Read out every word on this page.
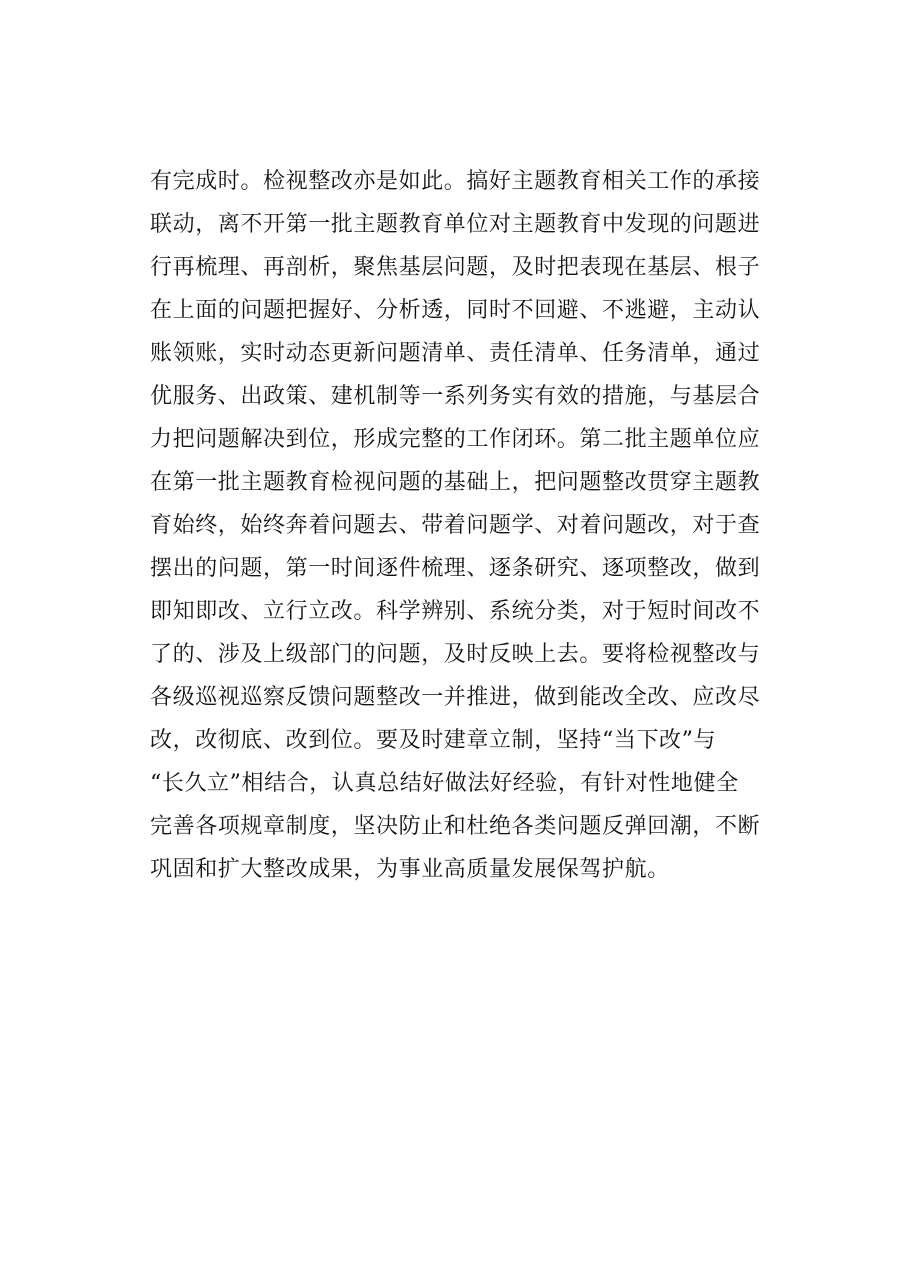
有完成时。检视整改亦是如此。搞好主题教育相关工作的承接
联动，离不开第一批主题教育单位对主题教育中发现的问题进
行再梳理、再剖析，聚焦基层问题，及时把表现在基层、根子
在上面的问题把握好、分析透，同时不回避、不逃避，主动认
账领账，实时动态更新问题清单、责任清单、任务清单，通过
优服务、出政策、建机制等一系列务实有效的措施，与基层合
力把问题解决到位，形成完整的工作闭环。第二批主题单位应
在第一批主题教育检视问题的基础上，把问题整改贯穿主题教
育始终，始终奔着问题去、带着问题学、对着问题改，对于查
摆出的问题，第一时间逐件梳理、逐条研究、逐项整改，做到
即知即改、立行立改。科学辨别、系统分类，对于短时间改不
了的、涉及上级部门的问题，及时反映上去。要将检视整改与
各级巡视巡察反馈问题整改一并推进，做到能改全改、应改尽
改，改彻底、改到位。要及时建章立制，坚持“当下改”与
“长久立”相结合，认真总结好做法好经验，有针对性地健全
完善各项规章制度，坚决防止和杜绝各类问题反弹回潮，不断
巩固和扩大整改成果，为事业高质量发展保驾护航。
